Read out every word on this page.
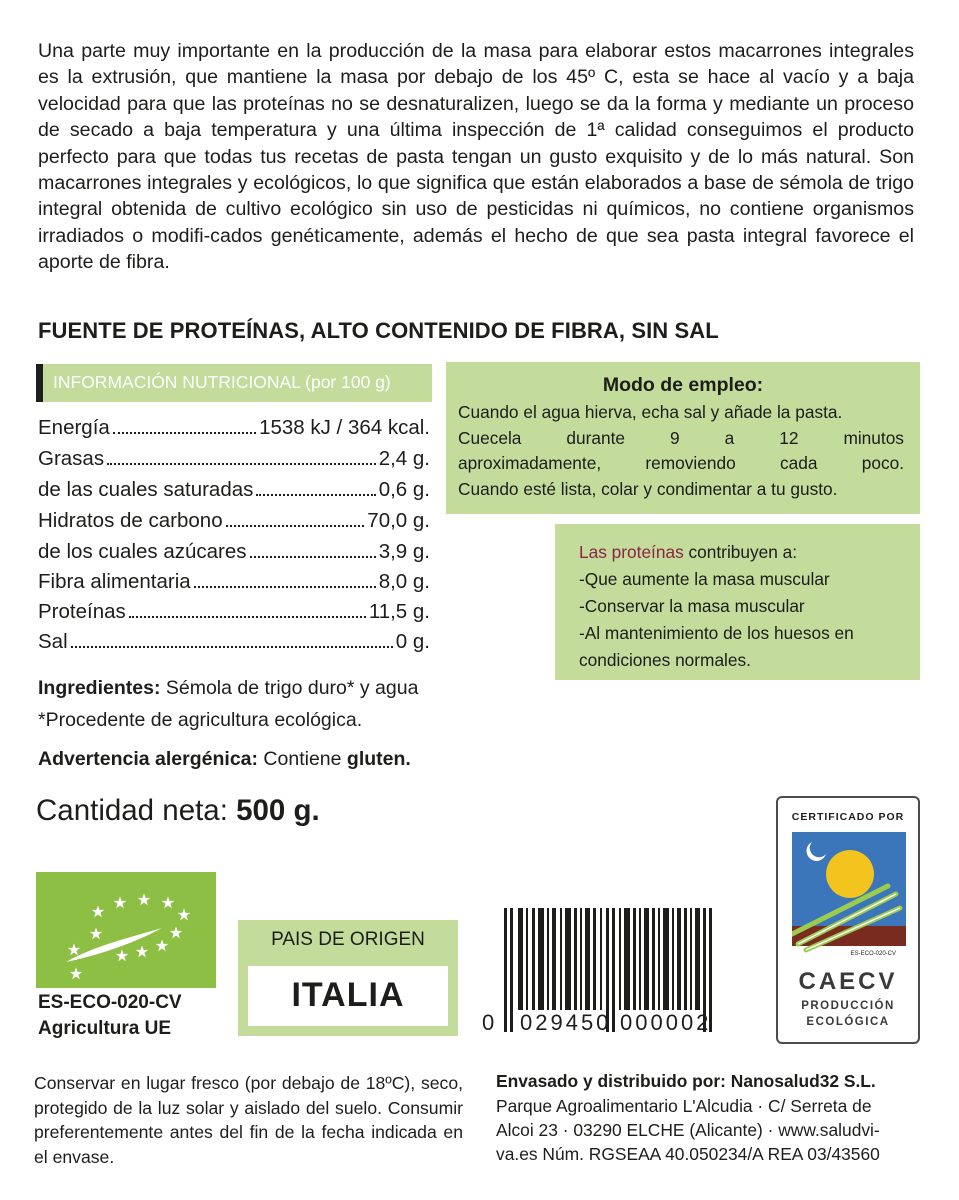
Una parte muy importante en la producción de la masa para elaborar estos macarrones integrales es la extrusión, que mantiene la masa por debajo de los 45º C, esta se hace al vacío y a baja velocidad para que las proteínas no se desnaturalizen, luego se da la forma y mediante un proceso de secado a baja temperatura y una última inspección de 1ª calidad conseguimos el producto perfecto para que todas tus recetas de pasta tengan un gusto exquisito y de lo más natural. Son macarrones integrales y ecológicos, lo que significa que están elaborados a base de sémola de trigo integral obtenida de cultivo ecológico sin uso de pesticidas ni químicos, no contiene organismos irradiados o modifi-cados genéticamente, además el hecho de que sea pasta integral favorece el aporte de fibra.

FUENTE DE PROTEÍNAS, ALTO CONTENIDO DE FIBRA, SIN SAL

INFORMACIÓN NUTRICIONAL (por 100 g)
Energía	1538 kJ / 364 kcal.
Grasas	2,4 g.
de las cuales saturadas	0,6 g.
Hidratos de carbono	70,0 g.
de los cuales azúcares	3,9 g.
Fibra alimentaria	8,0 g.
Proteínas	11,5 g.
Sal	0 g.
Modo de empleo:
Cuando el agua hierva, echa sal y añade la pasta.
Cuecela	durante	9	a	12	minutos
aproximadamente,	removiendo	cada	poco.
Cuando esté lista, colar y condimentar a tu gusto.
Las proteínas contribuyen a:
-Que aumente la masa muscular
-Conservar la masa muscular
-Al mantenimiento de los huesos en
condiciones normales.
Ingredientes: Sémola de trigo duro* y agua
*Procedente de agricultura ecológica.
Advertencia alergénica: Contiene gluten.
Cantidad neta: 500 g.
ES-ECO-020-CV
Agricultura UE
PAIS DE ORIGEN
ITALIA
0 029450 000002
CERTIFICADO POR
ES-ECO-020-CV
CAECV
PRODUCCIÓN
ECOLÓGICA

Conservar en lugar fresco (por debajo de 18ºC), seco, protegido de la luz solar y aislado del suelo. Consumir preferentemente antes del fin de la fecha indicada en el envase.

Envasado y distribuido por: Nanosalud32 S.L.
Parque Agroalimentario L'Alcudia · C/ Serreta de
Alcoi 23 · 03290 ELCHE (Alicante) · www.saludvi-
va.es Núm. RGSEAA 40.050234/A REA 03/43560
